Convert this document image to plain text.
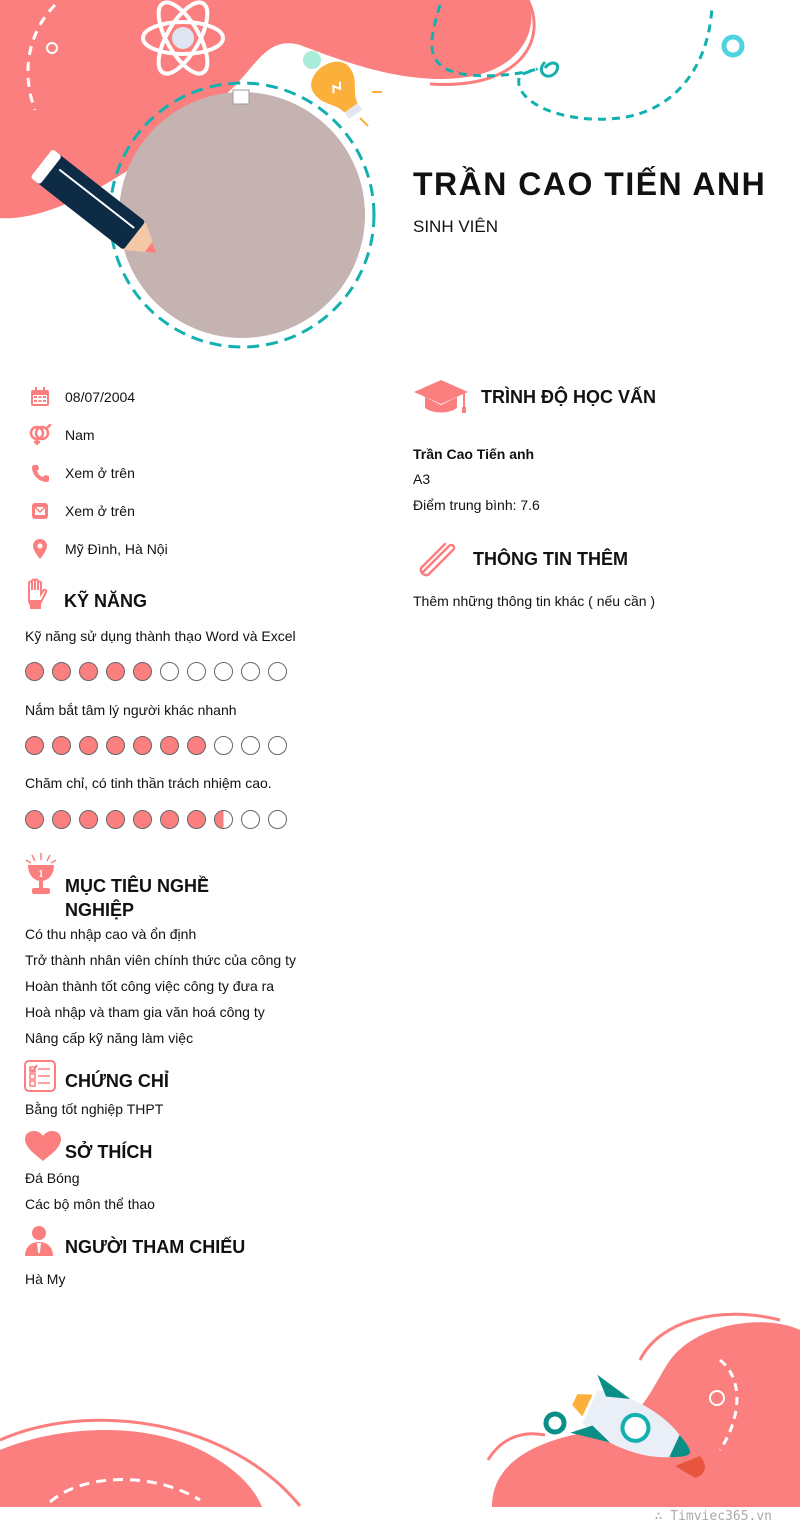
TRẦN CAO TIẾN ANH
SINH VIÊN
08/07/2004
Nam
Xem ở trên
Xem ở trên
Mỹ Đình, Hà Nội
KỸ NĂNG
Kỹ năng sử dụng thành thạo Word và Excel
Nắm bắt tâm lý người khác nhanh
Chăm chỉ, có tinh thần trách nhiệm cao.
1
MỤC TIÊU NGHỀ
NGHIỆP
Có thu nhập cao và ổn định
Trở thành nhân viên chính thức của công ty
Hoàn thành tốt công việc công ty đưa ra
Hoà nhập và tham gia văn hoá công ty
Nâng cấp kỹ năng làm việc
CHỨNG CHỈ
Bằng tốt nghiệp THPT
SỞ THÍCH
Đá Bóng
Các bộ môn thể thao
NGƯỜI THAM CHIẾU
Hà My
TRÌNH ĐỘ HỌC VẤN
Trần Cao Tiến anh
A3
Điểm trung bình: 7.6
THÔNG TIN THÊM
Thêm những thông tin khác ( nếu cần )
∴ Timviec365.vn
